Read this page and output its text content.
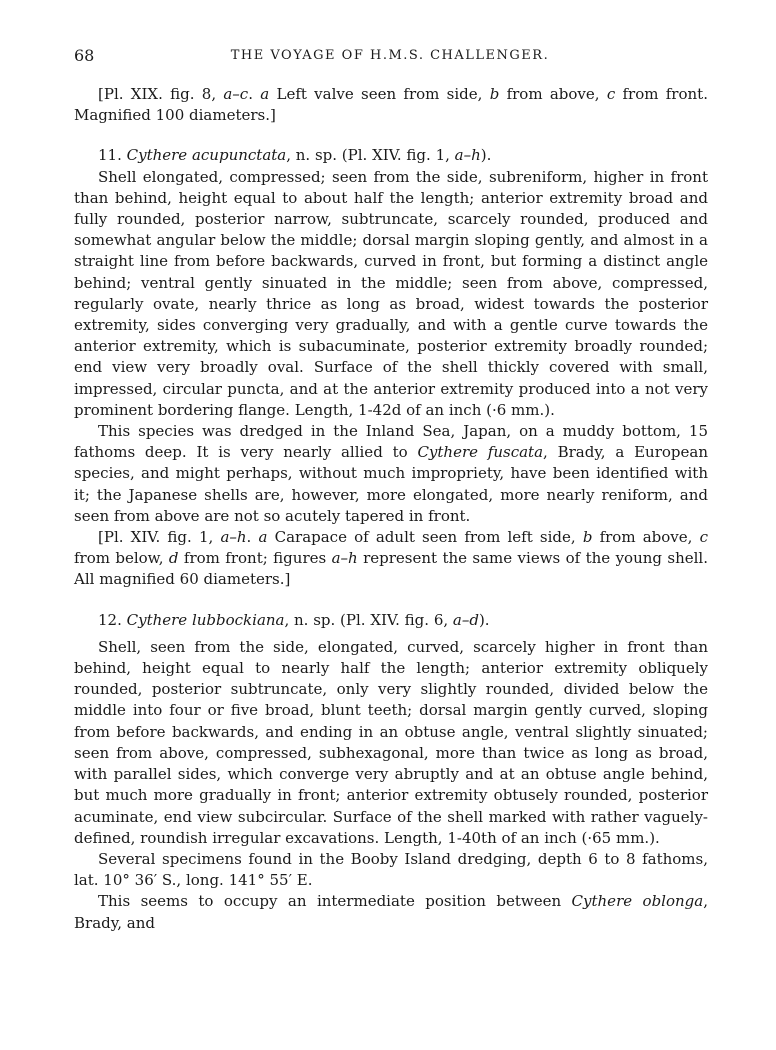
68	THE VOYAGE OF H.M.S. CHALLENGER.

[Pl. XIX. fig. 8, a–c. a Left valve seen from side, b from above, c from front. Magnified 100 diameters.]

11. Cythere acupunctata, n. sp. (Pl. XIV. fig. 1, a–h).

Shell elongated, compressed; seen from the side, subreniform, higher in front than behind, height equal to about half the length; anterior extremity broad and fully rounded, posterior narrow, subtruncate, scarcely rounded, produced and somewhat angular below the middle; dorsal margin sloping gently, and almost in a straight line from before backwards, curved in front, but forming a distinct angle behind; ventral gently sinuated in the middle; seen from above, compressed, regularly ovate, nearly thrice as long as broad, widest towards the posterior extremity, sides converging very gradually, and with a gentle curve towards the anterior extremity, which is subacuminate, posterior extremity broadly rounded; end view very broadly oval. Surface of the shell thickly covered with small, impressed, circular puncta, and at the anterior extremity produced into a not very prominent bordering flange. Length, 1-42d of an inch (·6 mm.).

This species was dredged in the Inland Sea, Japan, on a muddy bottom, 15 fathoms deep. It is very nearly allied to Cythere fuscata, Brady, a European species, and might perhaps, without much impropriety, have been identified with it; the Japanese shells are, however, more elongated, more nearly reniform, and seen from above are not so acutely tapered in front.

[Pl. XIV. fig. 1, a–h. a Carapace of adult seen from left side, b from above, c from below, d from front; figures a–h represent the same views of the young shell. All magnified 60 diameters.]

12. Cythere lubbockiana, n. sp. (Pl. XIV. fig. 6, a–d).

Shell, seen from the side, elongated, curved, scarcely higher in front than behind, height equal to nearly half the length; anterior extremity obliquely rounded, posterior subtruncate, only very slightly rounded, divided below the middle into four or five broad, blunt teeth; dorsal margin gently curved, sloping from before backwards, and ending in an obtuse angle, ventral slightly sinuated; seen from above, compressed, subhexagonal, more than twice as long as broad, with parallel sides, which converge very abruptly and at an obtuse angle behind, but much more gradually in front; anterior extremity obtusely rounded, posterior acuminate, end view subcircular. Surface of the shell marked with rather vaguely-defined, roundish irregular excavations. Length, 1-40th of an inch (·65 mm.).

Several specimens found in the Booby Island dredging, depth 6 to 8 fathoms, lat. 10° 36′ S., long. 141° 55′ E.

This seems to occupy an intermediate position between Cythere oblonga, Brady, and
